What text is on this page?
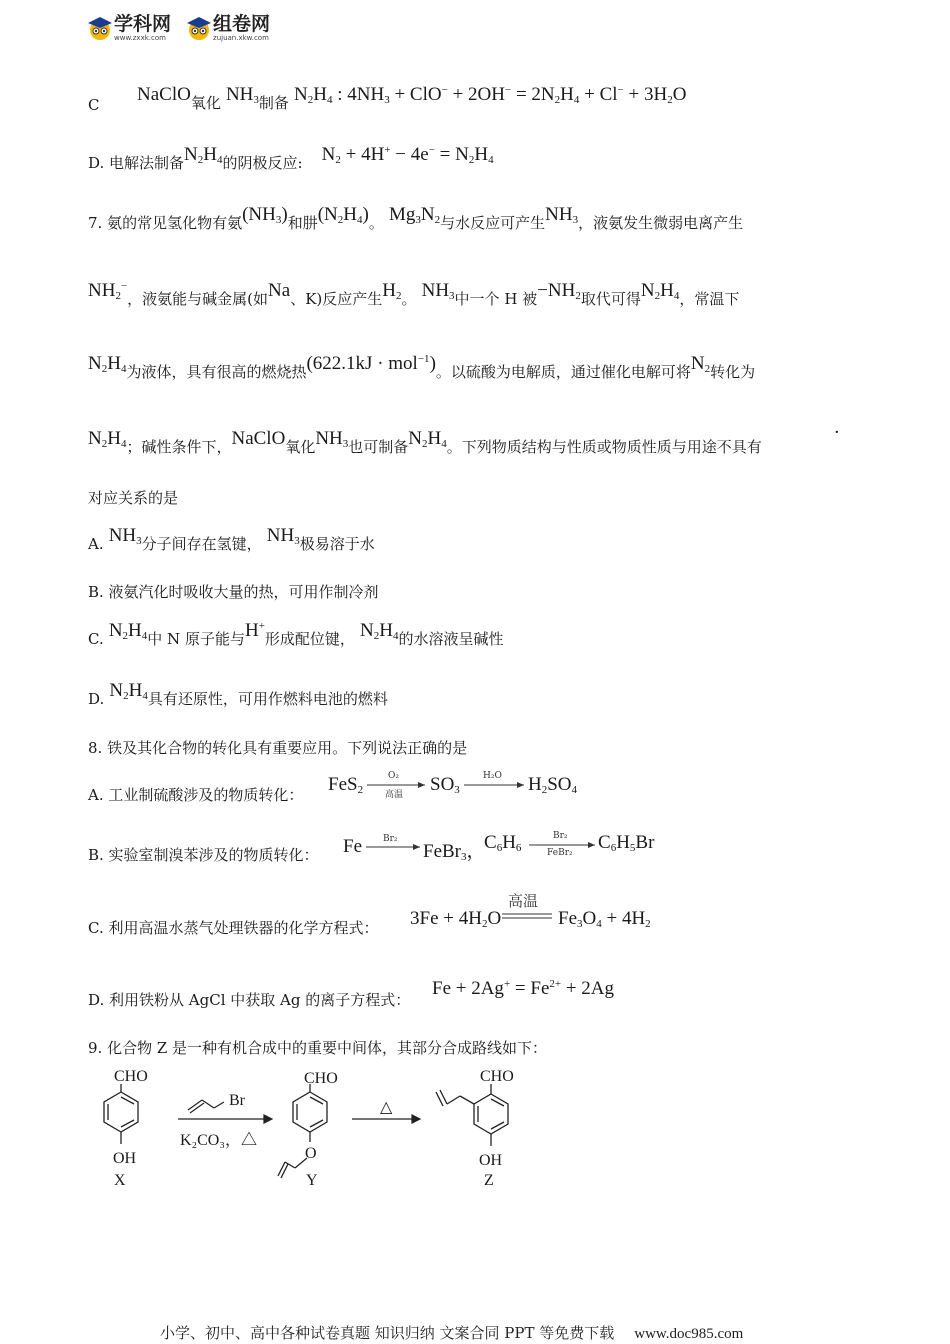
学科网
www.zxxk.com
组卷网
zujuan.xkw.com
C NaClO氧化 $NH_3$制备 $N_2H_4$ : $4NH_3 + ClO^- + 2OH^- = 2N_2H_4 + Cl^- + 3H_2O$
D. 电解法制备$N_2H_4$的阴极反应: $N_2 + 4H^+ - 4e^- = N_2H_4$
7. 氨的常见氢化物有氨$(NH_3)$和肼$(N_2H_4)$。 $Mg_3N_2$与水反应可产生$NH_3$，液氨发生微弱电离产生
$NH_2^-$，液氨能与碱金属(如Na、K)反应产生$H_2$。 $NH_3$中一个 H 被$-NH_2$取代可得$N_2H_4$，常温下
$N_2H_4$为液体，具有很高的燃烧热(622.1kJ · mol$^{-1}$)。以硫酸为电解质，通过催化电解可将$N_2$转化为
$N_2H_4$；碱性条件下，NaClO氧化$NH_3$也可制备$N_2H_4$。下列物质结构与性质或物质性质与用途不具有
·
对应关系的是
A. $NH_3$分子间存在氢键， $NH_3$极易溶于水
B. 液氨汽化时吸收大量的热，可用作制冷剂
C. $N_2H_4$中 N 原子能与H+形成配位键， $N_2H_4$的水溶液呈碱性
D. $N_2H_4$具有还原性，可用作燃料电池的燃料
8. 铁及其化合物的转化具有重要应用。下列说法正确的是
A. 工业制硫酸涉及的物质转化： FeS$_2$ →
O₂
高温 $SO_3$
H₂O $H_2SO_4$
B. 实验室制溴苯涉及的物质转化： Fe →
Br₂
FeBr$_3$，
$C_6H_6$
Br₂
FeBr₂ $C_6H_5Br$
C. 利用高温水蒸气处理铁器的化学方程式： $3Fe + 4H_2O$
高温
$Fe_3O_4 + 4H_2$
D. 利用铁粉从 AgCl 中获取 Ag 的离子方程式：
$Fe + 2Ag^+ = Fe^{2+} + 2Ag$
9. 化合物 Z 是一种有机合成中的重要中间体，其部分合成路线如下：
CHO
OH
X
Br
K₂CO₃，△
CHO
O
Y
△
CHO
OH
Z
小学、初中、高中各种试卷真题 知识归纳 文案合同 PPT 等免费下载 www.doc985.com
